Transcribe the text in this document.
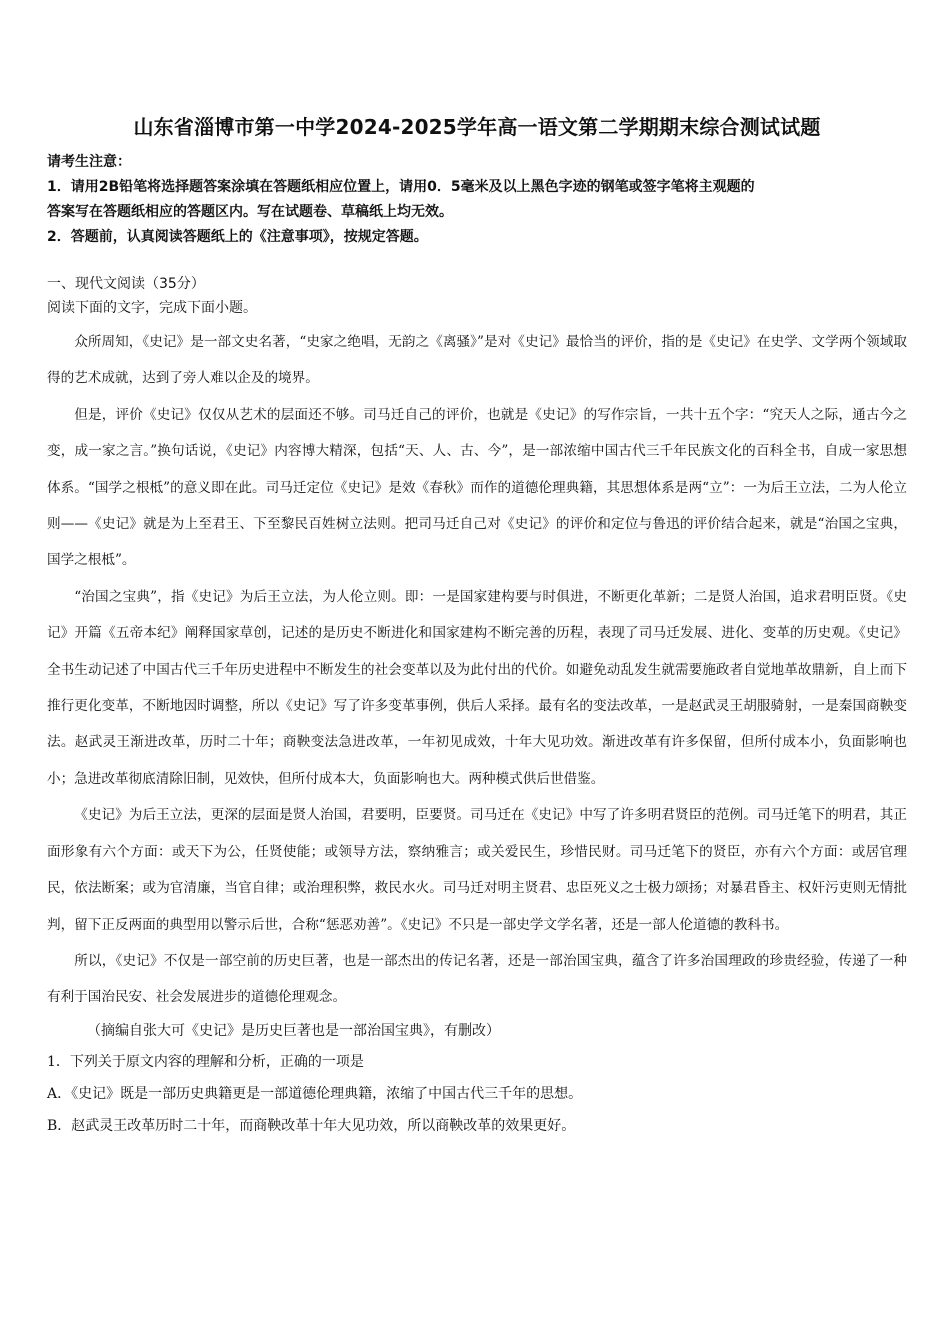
山东省淄博市第一中学2024-2025学年高一语文第二学期期末综合测试试题
请考生注意：
1．请用2B铅笔将选择题答案涂填在答题纸相应位置上，请用0．5毫米及以上黑色字迹的钢笔或签字笔将主观题的
答案写在答题纸相应的答题区内。写在试题卷、草稿纸上均无效。
2．答题前，认真阅读答题纸上的《注意事项》，按规定答题。
一、现代文阅读（35分）
阅读下面的文字，完成下面小题。

众所周知，《史记》是一部文史名著，“史家之绝唱，无韵之《离骚》”是对《史记》最恰当的评价，指的是《史记》在史学、文学两个领域取得的艺术成就，达到了旁人难以企及的境界。

但是，评价《史记》仅仅从艺术的层面还不够。司马迁自己的评价，也就是《史记》的写作宗旨，一共十五个字：“究天人之际，通古今之变，成一家之言。”换句话说，《史记》内容博大精深，包括“天、人、古、今”，是一部浓缩中国古代三千年民族文化的百科全书，自成一家思想体系。“国学之根柢”的意义即在此。司马迁定位《史记》是效《春秋》而作的道德伦理典籍，其思想体系是两“立”：一为后王立法，二为人伦立则——《史记》就是为上至君王、下至黎民百姓树立法则。把司马迁自己对《史记》的评价和定位与鲁迅的评价结合起来，就是“治国之宝典，国学之根柢”。

“治国之宝典”，指《史记》为后王立法，为人伦立则。即：一是国家建构要与时俱进，不断更化革新；二是贤人治国，追求君明臣贤。《史记》开篇《五帝本纪》阐释国家草创，记述的是历史不断进化和国家建构不断完善的历程，表现了司马迁发展、进化、变革的历史观。《史记》全书生动记述了中国古代三千年历史进程中不断发生的社会变革以及为此付出的代价。如避免动乱发生就需要施政者自觉地革故鼎新，自上而下推行更化变革，不断地因时调整，所以《史记》写了许多变革事例，供后人采择。最有名的变法改革，一是赵武灵王胡服骑射，一是秦国商鞅变法。赵武灵王渐进改革，历时二十年；商鞅变法急进改革，一年初见成效，十年大见功效。渐进改革有许多保留，但所付成本小，负面影响也小；急进改革彻底清除旧制，见效快，但所付成本大，负面影响也大。两种模式供后世借鉴。

《史记》为后王立法，更深的层面是贤人治国，君要明，臣要贤。司马迁在《史记》中写了许多明君贤臣的范例。司马迁笔下的明君，其正面形象有六个方面：或天下为公，任贤使能；或领导方法，察纳雅言；或关爱民生，珍惜民财。司马迁笔下的贤臣，亦有六个方面：或居官理民，依法断案；或为官清廉，当官自律；或治理积弊，救民水火。司马迁对明主贤君、忠臣死义之士极力颂扬；对暴君昏主、权奸污吏则无情批判，留下正反两面的典型用以警示后世，合称“惩恶劝善”。《史记》不只是一部史学文学名著，还是一部人伦道德的教科书。

所以，《史记》不仅是一部空前的历史巨著，也是一部杰出的传记名著，还是一部治国宝典，蕴含了许多治国理政的珍贵经验，传递了一种有利于国治民安、社会发展进步的道德伦理观念。

（摘编自张大可《史记》是历史巨著也是一部治国宝典》，有删改）
1．下列关于原文内容的理解和分析，正确的一项是
A．《史记》既是一部历史典籍更是一部道德伦理典籍，浓缩了中国古代三千年的思想。
B．赵武灵王改革历时二十年，而商鞅改革十年大见功效，所以商鞅改革的效果更好。
